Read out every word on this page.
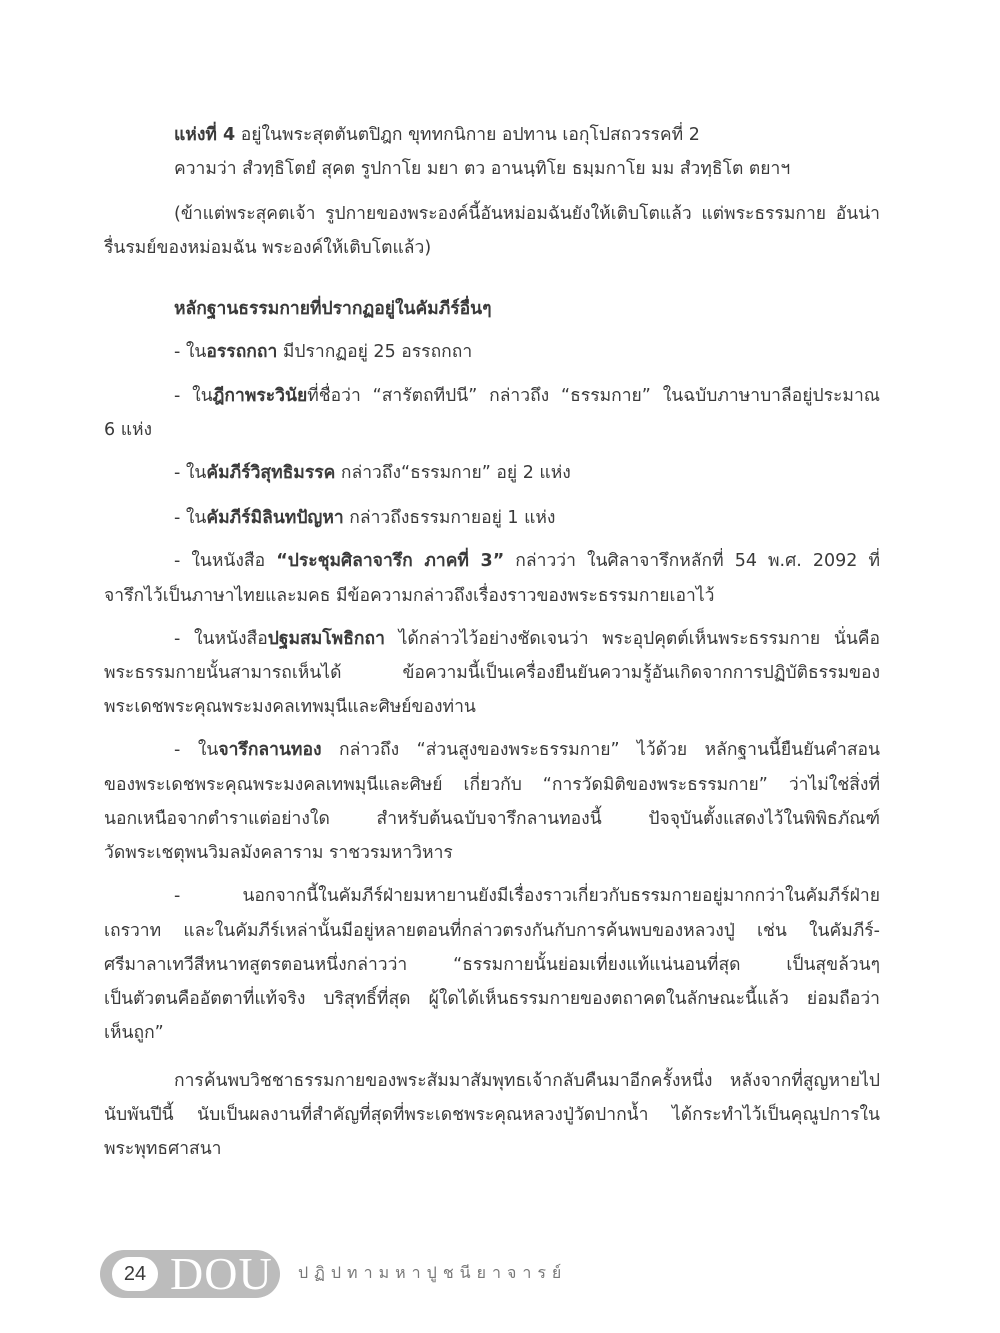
แห่งที่ 4 อยู่ในพระสุตตันตปิฎก ขุททกนิกาย อปทาน เอกุโปสถวรรคที่ 2

ความว่า สํวทฺธิโตยํ สุคต รูปกาโย มยา ตว อานนฺทิโย ธมฺมกาโย มม สํวทฺธิโต ตยาฯ

(ข้าแต่พระสุคตเจ้า รูปกายของพระองค์นี้อันหม่อมฉันยังให้เติบโตแล้ว แต่พระธรรมกาย อันน่า

รื่นรมย์ของหม่อมฉัน พระองค์ให้เติบโตแล้ว)

หลักฐานธรรมกายที่ปรากฏอยู่ในคัมภีร์อื่นๆ

- ในอรรถกถา มีปรากฏอยู่ 25 อรรถกถา

- ในฎีกาพระวินัยที่ชื่อว่า “สารัตถทีปนี” กล่าวถึง “ธรรมกาย” ในฉบับภาษาบาลีอยู่ประมาณ

6 แห่ง

- ในคัมภีร์วิสุทธิมรรค กล่าวถึง“ธรรมกาย” อยู่ 2 แห่ง

- ในคัมภีร์มิลินทปัญหา กล่าวถึงธรรมกายอยู่ 1 แห่ง

- ในหนังสือ “ประชุมศิลาจารึก ภาคที่ 3” กล่าวว่า ในศิลาจารึกหลักที่ 54 พ.ศ. 2092 ที่

จารึกไว้เป็นภาษาไทยและมคธ มีข้อความกล่าวถึงเรื่องราวของพระธรรมกายเอาไว้

- ในหนังสือปฐมสมโพธิกถา ได้กล่าวไว้อย่างชัดเจนว่า พระอุปคุตต์เห็นพระธรรมกาย นั่นคือ

พระธรรมกายนั้นสามารถเห็นได้ ข้อความนี้เป็นเครื่องยืนยันความรู้อันเกิดจากการปฏิบัติธรรมของ

พระเดชพระคุณพระมงคลเทพมุนีและศิษย์ของท่าน

- ในจารึกลานทอง กล่าวถึง “ส่วนสูงของพระธรรมกาย” ไว้ด้วย หลักฐานนี้ยืนยันคำสอน

ของพระเดชพระคุณพระมงคลเทพมุนีและศิษย์ เกี่ยวกับ “การวัดมิติของพระธรรมกาย” ว่าไม่ใช่สิ่งที่

นอกเหนือจากตำราแต่อย่างใด สำหรับต้นฉบับจารึกลานทองนี้ ปัจจุบันตั้งแสดงไว้ในพิพิธภัณฑ์

วัดพระเชตุพนวิมลมังคลาราม ราชวรมหาวิหาร

- นอกจากนี้ในคัมภีร์ฝ่ายมหายานยังมีเรื่องราวเกี่ยวกับธรรมกายอยู่มากกว่าในคัมภีร์ฝ่าย

เถรวาท และในคัมภีร์เหล่านั้นมีอยู่หลายตอนที่กล่าวตรงกันกับการค้นพบของหลวงปู่ เช่น ในคัมภีร์-

ศรีมาลาเทวีสีหนาทสูตรตอนหนึ่งกล่าวว่า “ธรรมกายนั้นย่อมเที่ยงแท้แน่นอนที่สุด เป็นสุขล้วนๆ

เป็นตัวตนคืออัตตาที่แท้จริง บริสุทธิ์ที่สุด ผู้ใดได้เห็นธรรมกายของตถาคตในลักษณะนี้แล้ว ย่อมถือว่า

เห็นถูก”

การค้นพบวิชชาธรรมกายของพระสัมมาสัมพุทธเจ้ากลับคืนมาอีกครั้งหนึ่ง หลังจากที่สูญหายไป

นับพันปีนี้ นับเป็นผลงานที่สำคัญที่สุดที่พระเดชพระคุณหลวงปู่วัดปากน้ำ ได้กระทำไว้เป็นคุณูปการใน

พระพุทธศาสนา

24 DOU ปฏิปทามหาปูชนียาจารย์
